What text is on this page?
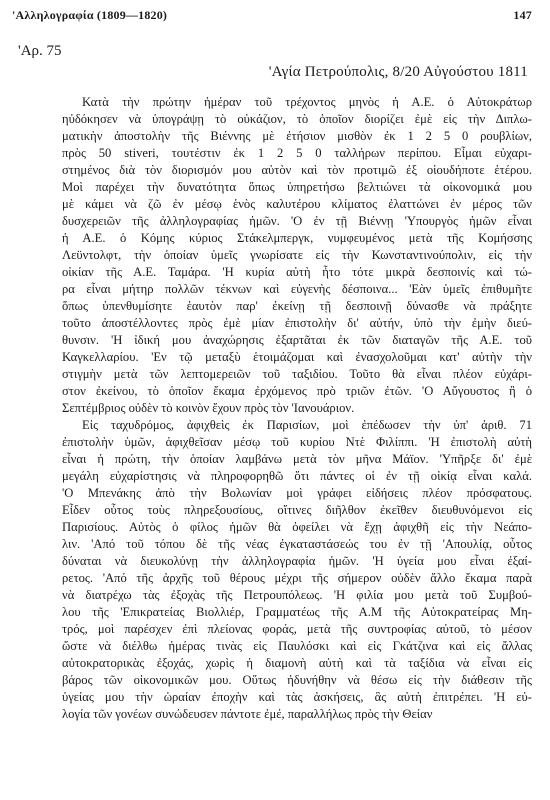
'Αλληλογραφία (1809—1820)	147
'Αρ. 75
'Αγία Πετρούπολις, 8/20 Αὐγούστου 1811

Κατὰ τὴν πρώτην ἡμέραν τοῦ τρέχοντος μηνὸς ἡ Α.Ε. ὁ Αὐτοκράτωρ
ηὐδόκησεν νὰ ὑπογράψῃ τὸ οὐκάζιον, τὸ ὁποῖον διορίζει ἐμὲ εἰς τὴν Διπλω-
ματικὴν ἀποστολὴν τῆς Βιέννης μὲ ἐτήσιον μισθὸν ἐκ 1 2 5 0 ρουβλίων,
πρὸς 50 stiveri, τουτέστιν ἐκ 1 2 5 0 ταλλήρων περίπου. Εἶμαι εὐχαρι-
στημένος διὰ τὸν διορισμόν μου αὐτὸν καὶ τὸν προτιμῶ ἐξ οἱουδήποτε ἑτέρου.
Μοὶ παρέχει τὴν δυνατότητα ὅπως ὑπηρετήσω βελτιώνει τὰ οἰκονομικά μου
μὲ κάμει νὰ ζῶ ἐν μέσῳ ἑνὸς καλυτέρου κλίματος ἐλαττώνει ἐν μέρος τῶν
δυσχερειῶν τῆς ἀλληλογραφίας ἡμῶν. 'Ο ἐν τῇ Βιέννῃ 'Υπουργὸς ἡμῶν εἶναι
ἡ Α.Ε. ὁ Κόμης κύριος Στάκελμπεργκ, νυμφευμένος μετὰ τῆς Κομήσσης
Λεϋντολφτ, τὴν ὁποίαν ὑμεῖς γνωρίσατε εἰς τὴν Κωνσταντινούπολιν, εἰς τὴν
οἰκίαν τῆς Α.Ε. Ταμάρα. 'Η κυρία αὐτὴ ἦτο τότε μικρὰ δεσποινίς καὶ τώ-
ρα εἶναι μήτηρ πολλῶν τέκνων καὶ εὐγενὴς δέσποινα... 'Εὰν ὑμεῖς ἐπιθυμῆτε
ὅπως ὑπενθυμίσητε ἑαυτὸν παρ' ἐκείνῃ τῇ δεσποινῇ δύνασθε νὰ πράξητε
τοῦτο ἀποστέλλοντες πρὸς ἐμὲ μίαν ἐπιστολὴν δι' αὐτήν, ὑπὸ τὴν ἐμὴν διεύ-
θυνσιν. 'Η ἰδική μου ἀναχώρησις ἐξαρτᾶται ἐκ τῶν διαταγῶν τῆς Α.Ε. τοῦ
Καγκελλαρίου. 'Εν τῷ μεταξὺ ἑτοιμάζομαι καὶ ἐνασχολοῦμαι κατ' αὐτὴν τὴν
στιγμὴν μετὰ τῶν λεπτομερειῶν τοῦ ταξιδίου. Τοῦτο θὰ εἶναι πλέον εὐχάρι-
στον ἐκείνου, τὸ ὁποῖον ἔκαμα ἐρχόμενος πρὸ τριῶν ἐτῶν. 'Ο Αὔγουστος ἢ ὁ
Σεπτέμβριος οὐδὲν τὸ κοινὸν ἔχουν πρὸς τὸν 'Ιανουάριον.

Εἰς ταχυδρόμος, ἀφιχθεὶς ἐκ Παρισίων, μοὶ ἐπέδωσεν τὴν ὑπ' ἀριθ. 71
ἐπιστολὴν ὑμῶν, ἀφιχθεῖσαν μέσῳ τοῦ κυρίου Ντὲ Φιλίππι. 'Η ἐπιστολὴ αὐτὴ
εἶναι ἡ πρώτη, τὴν ὁποίαν λαμβάνω μετὰ τὸν μῆνα Μάϊον. 'Υπῆρξε δι' ἐμὲ
μεγάλη εὐχαρίστησις νὰ πληροφορηθῶ ὅτι πάντες οἱ ἐν τῇ οἰκίᾳ εἶναι καλά.
'Ο Μπενάκης ἀπὸ τὴν Βολωνίαν μοὶ γράφει εἰδήσεις πλέον πρόσφατους.
Εἶδεν οὗτος τοὺς πληρεξουσίους, οἵτινες διῆλθον ἐκεῖθεν διευθυνόμενοι εἰς
Παρισίους. Αὐτὸς ὁ φίλος ἡμῶν θὰ ὀφείλει νὰ ἔχῃ ἀφιχθῆ εἰς τὴν Νεάπο-
λιν. 'Από τοῦ τόπου δὲ τῆς νέας ἐγκαταστάσεώς του ἐν τῇ 'Απουλίᾳ, οὗτος
δύναται νὰ διευκολύνῃ τὴν ἀλληλογραφία ἡμῶν. 'Η ὑγεία μου εἶναι ἐξαί-
ρετος. 'Από τῆς ἀρχῆς τοῦ θέρους μέχρι τῆς σήμερον οὐδὲν ἄλλο ἔκαμα παρὰ
νὰ διατρέχω τὰς ἐξοχὰς τῆς Πετρουπόλεως. 'Η φιλία μου μετὰ τοῦ Συμβού-
λου τῆς 'Επικρατείας Βιολλιέρ, Γραμματέως τῆς Α.Μ τῆς Αὐτοκρατείρας Μη-
τρός, μοὶ παρέσχεν ἐπὶ πλείονας φοράς, μετὰ τῆς συντροφίας αὐτοῦ, τὸ μέσον
ὥστε νὰ διέλθω ἡμέρας τινὰς εἰς Παυλόσκι καὶ εἰς Γκάτζινα καὶ εἰς ἄλλας
αὐτοκρατορικὰς ἐξοχάς, χωρὶς ἡ διαμονὴ αὐτὴ καὶ τὰ ταξίδια νὰ εἶναι εἰς
βάρος τῶν οἰκονομικῶν μου. Οὕτως ἠδυνήθην νὰ θέσω εἰς τὴν διάθεσιν τῆς
ὑγείας μου τὴν ὡραίαν ἐποχὴν καὶ τὰς ἀσκήσεις, ἃς αὐτὴ ἐπιτρέπει. 'Η εὐ-
λογία τῶν γονέων συνώδευσεν πάντοτε ἐμέ, παραλλήλως πρὸς τὴν Θείαν
